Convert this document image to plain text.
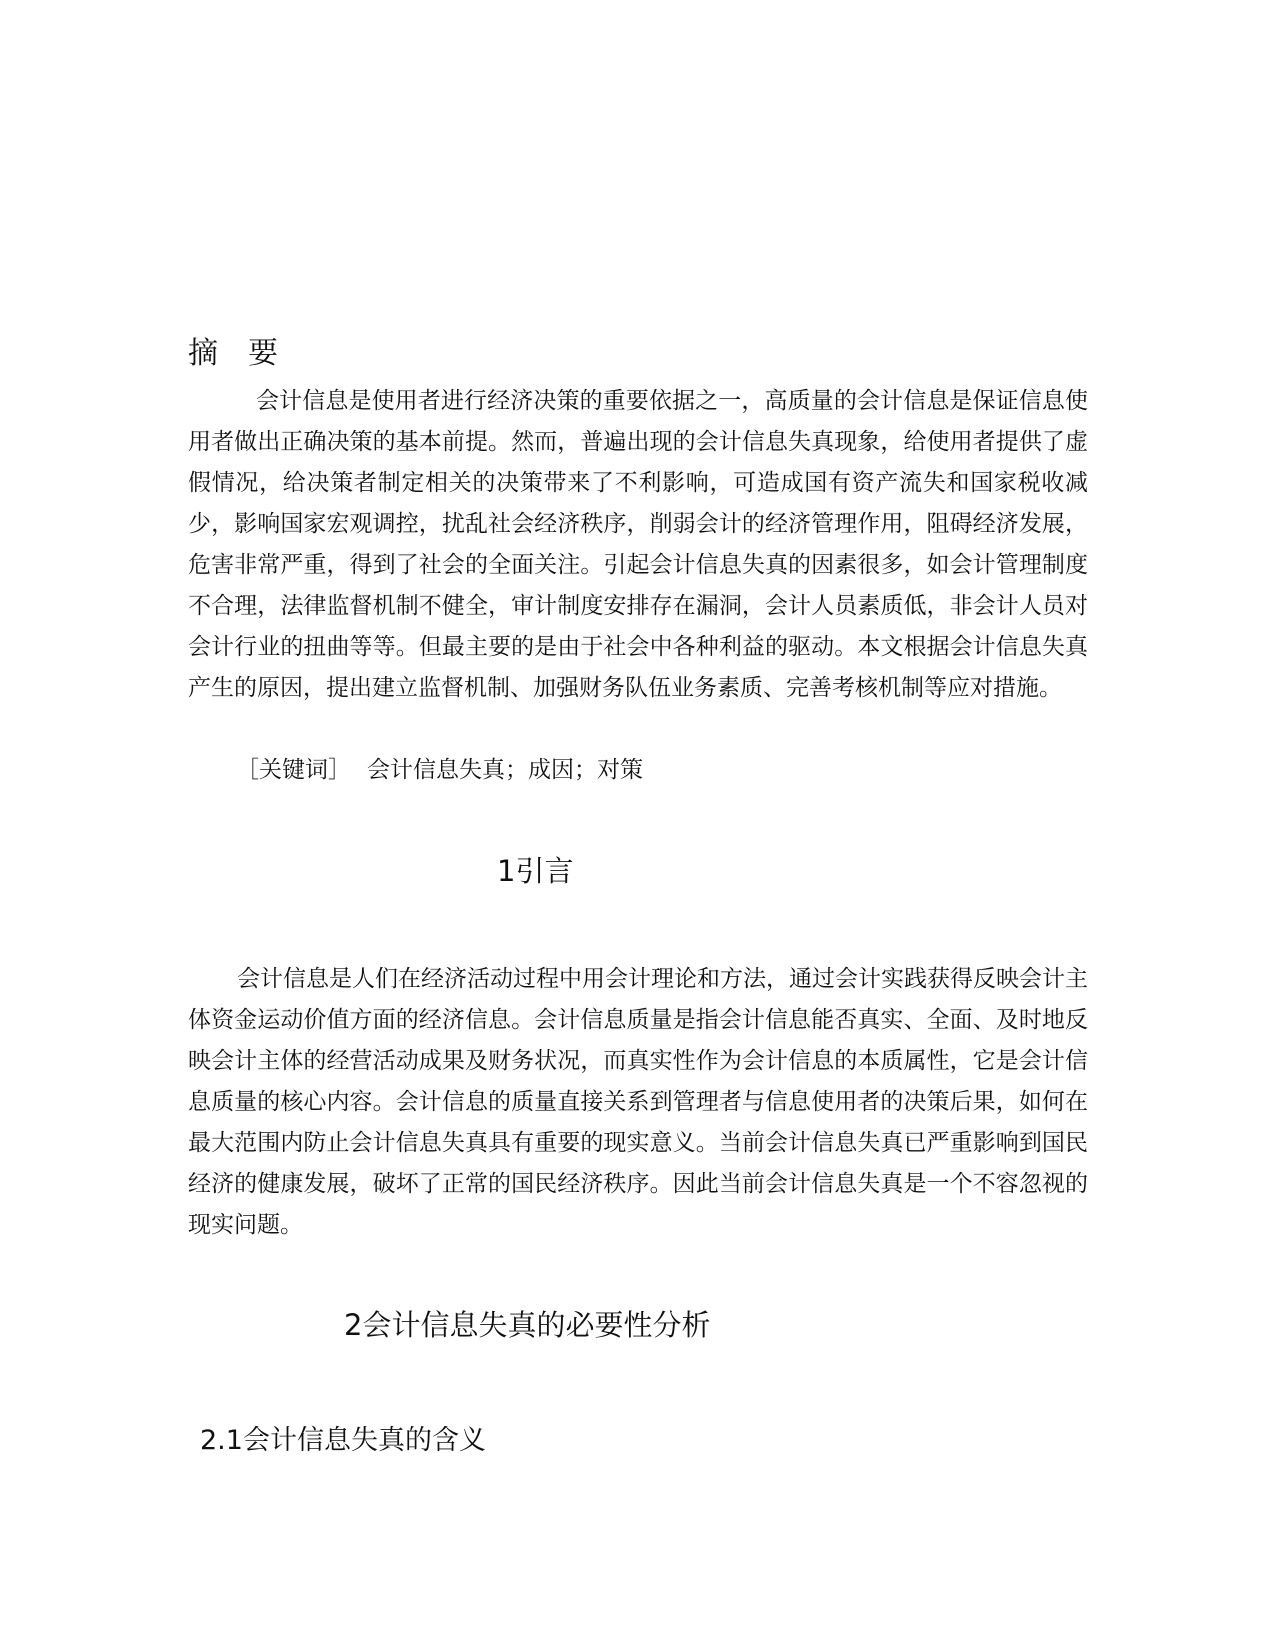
摘要
会计信息是使用者进行经济决策的重要依据之一，高质量的会计信息是保证信息使用者做出正确决策的基本前提。然而，普遍出现的会计信息失真现象，给使用者提供了虚假情况，给决策者制定相关的决策带来了不利影响，可造成国有资产流失和国家税收减少，影响国家宏观调控，扰乱社会经济秩序，削弱会计的经济管理作用，阻碍经济发展，危害非常严重，得到了社会的全面关注。引起会计信息失真的因素很多，如会计管理制度不合理，法律监督机制不健全，审计制度安排存在漏洞，会计人员素质低，非会计人员对会计行业的扭曲等等。但最主要的是由于社会中各种利益的驱动。本文根据会计信息失真产生的原因，提出建立监督机制、加强财务队伍业务素质、完善考核机制等应对措施。
［关键词］ 会计信息失真；成因；对策
1引言
会计信息是人们在经济活动过程中用会计理论和方法，通过会计实践获得反映会计主体资金运动价值方面的经济信息。会计信息质量是指会计信息能否真实、全面、及时地反映会计主体的经营活动成果及财务状况，而真实性作为会计信息的本质属性，它是会计信息质量的核心内容。会计信息的质量直接关系到管理者与信息使用者的决策后果，如何在最大范围内防止会计信息失真具有重要的现实意义。当前会计信息失真已严重影响到国民经济的健康发展，破坏了正常的国民经济秩序。因此当前会计信息失真是一个不容忽视的现实问题。
2会计信息失真的必要性分析
2.1会计信息失真的含义
